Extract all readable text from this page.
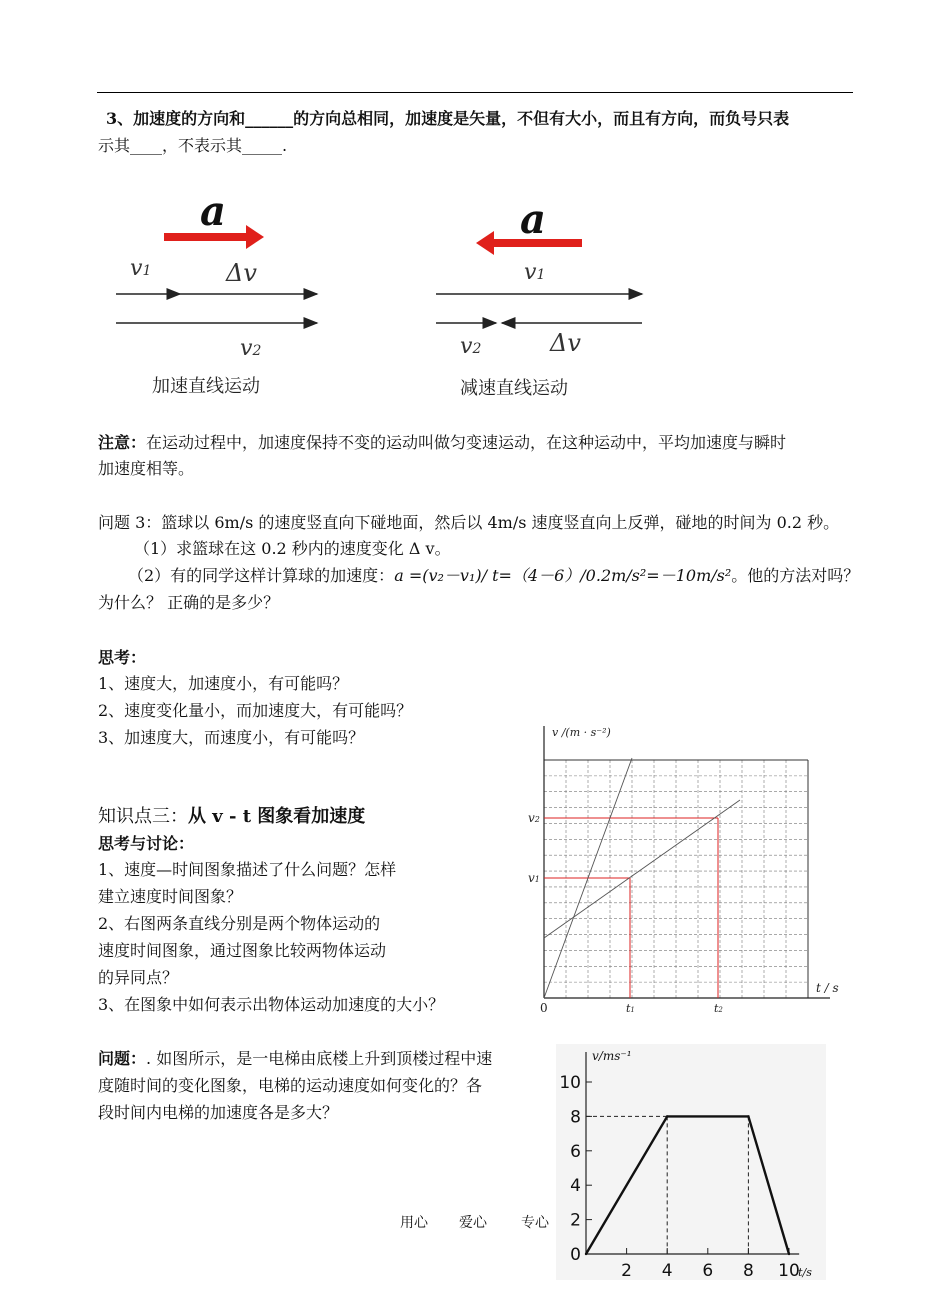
3、加速度的方向和______的方向总相同，加速度是矢量，不但有大小，而且有方向，而负号只表
示其____，不表示其_____.
a
v1	Δv
v2
a
v1
v2	Δv
加速直线运动	减速直线运动
注意：在运动过程中，加速度保持不变的运动叫做匀变速运动，在这种运动中，平均加速度与瞬时
加速度相等。
问题 3：篮球以 6m/s 的速度竖直向下碰地面，然后以 4m/s 速度竖直向上反弹，碰地的时间为 0.2 秒。
（1）求篮球在这 0.2 秒内的速度变化 Δ v。
（2）有的同学这样计算球的加速度：a =(v₂－v₁)/ t=（4－6）/0.2m/s²=－10m/s²。他的方法对吗？
为什么？ 正确的是多少？
思考：
1、速度大，加速度小，有可能吗？
2、速度变化量小，而加速度大，有可能吗？
3、加速度大，而速度小，有可能吗？
知识点三：从 v - t 图象看加速度
思考与讨论：
1、速度—时间图象描述了什么问题？怎样
建立速度时间图象？
2、右图两条直线分别是两个物体运动的
速度时间图象，通过图象比较两物体运动
的异同点？
3、在图象中如何表示出物体运动加速度的大小？
v /(m · s⁻²)
t / s
0
v1
v2
t1	t2
问题：. 如图所示，是一电梯由底楼上升到顶楼过程中速
度随时间的变化图象，电梯的运动速度如何变化的？各
段时间内电梯的加速度各是多大？
0
2
4
6
8
10
2 4 6 8 10
v/ms⁻¹
t/s
用心 爱心 专心
